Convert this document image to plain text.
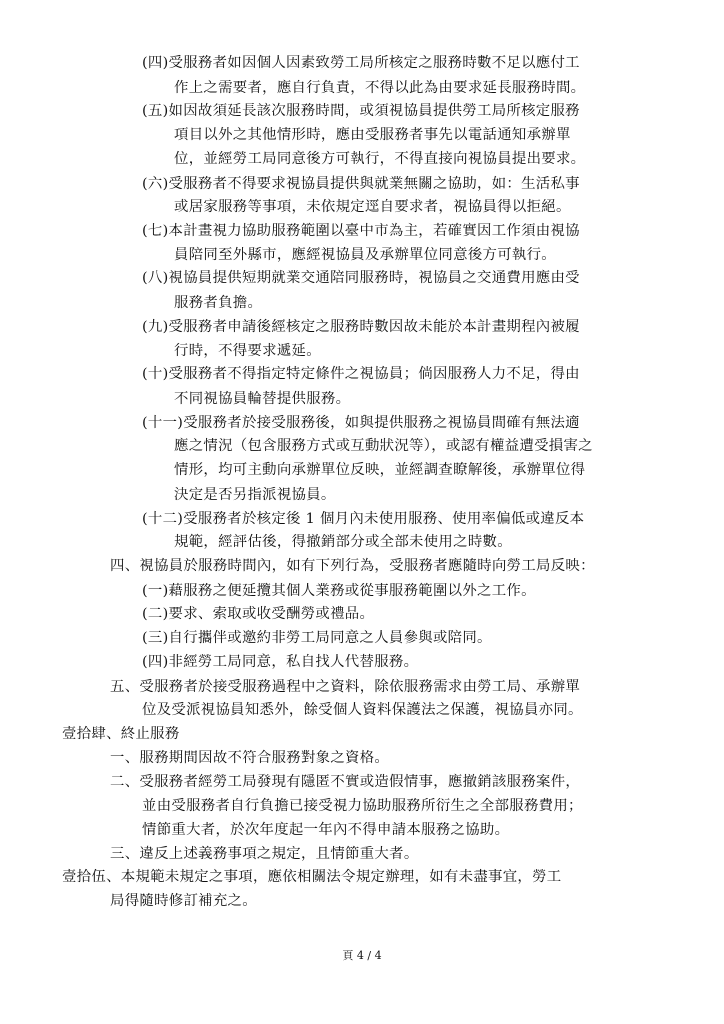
(四)受服務者如因個人因素致勞工局所核定之服務時數不足以應付工
作上之需要者，應自行負責，不得以此為由要求延長服務時間。
(五)如因故須延長該次服務時間，或須視協員提供勞工局所核定服務
項目以外之其他情形時，應由受服務者事先以電話通知承辦單
位，並經勞工局同意後方可執行，不得直接向視協員提出要求。
(六)受服務者不得要求視協員提供與就業無關之協助，如：生活私事
或居家服務等事項，未依規定逕自要求者，視協員得以拒絕。
(七)本計畫視力協助服務範圍以臺中市為主，若確實因工作須由視協
員陪同至外縣市，應經視協員及承辦單位同意後方可執行。
(八)視協員提供短期就業交通陪同服務時，視協員之交通費用應由受
服務者負擔。
(九)受服務者申請後經核定之服務時數因故未能於本計畫期程內被履
行時，不得要求遞延。
(十)受服務者不得指定特定條件之視協員；倘因服務人力不足，得由
不同視協員輪替提供服務。
(十一)受服務者於接受服務後，如與提供服務之視協員間確有無法適
應之情況（包含服務方式或互動狀況等），或認有權益遭受損害之
情形，均可主動向承辦單位反映，並經調查瞭解後，承辦單位得
決定是否另指派視協員。
(十二)受服務者於核定後 1 個月內未使用服務、使用率偏低或違反本
規範，經評估後，得撤銷部分或全部未使用之時數。
四、視協員於服務時間內，如有下列行為，受服務者應隨時向勞工局反映：
(一)藉服務之便延攬其個人業務或從事服務範圍以外之工作。
(二)要求、索取或收受酬勞或禮品。
(三)自行攜伴或邀約非勞工局同意之人員參與或陪同。
(四)非經勞工局同意，私自找人代替服務。
五、受服務者於接受服務過程中之資料，除依服務需求由勞工局、承辦單
位及受派視協員知悉外，餘受個人資料保護法之保護，視協員亦同。
壹拾肆、終止服務
一、服務期間因故不符合服務對象之資格。
二、受服務者經勞工局發現有隱匿不實或造假情事，應撤銷該服務案件，
並由受服務者自行負擔已接受視力協助服務所衍生之全部服務費用；
情節重大者，於次年度起一年內不得申請本服務之協助。
三、違反上述義務事項之規定，且情節重大者。
壹拾伍、本規範未規定之事項，應依相關法令規定辦理，如有未盡事宜，勞工
局得隨時修訂補充之。
頁 4 / 4
